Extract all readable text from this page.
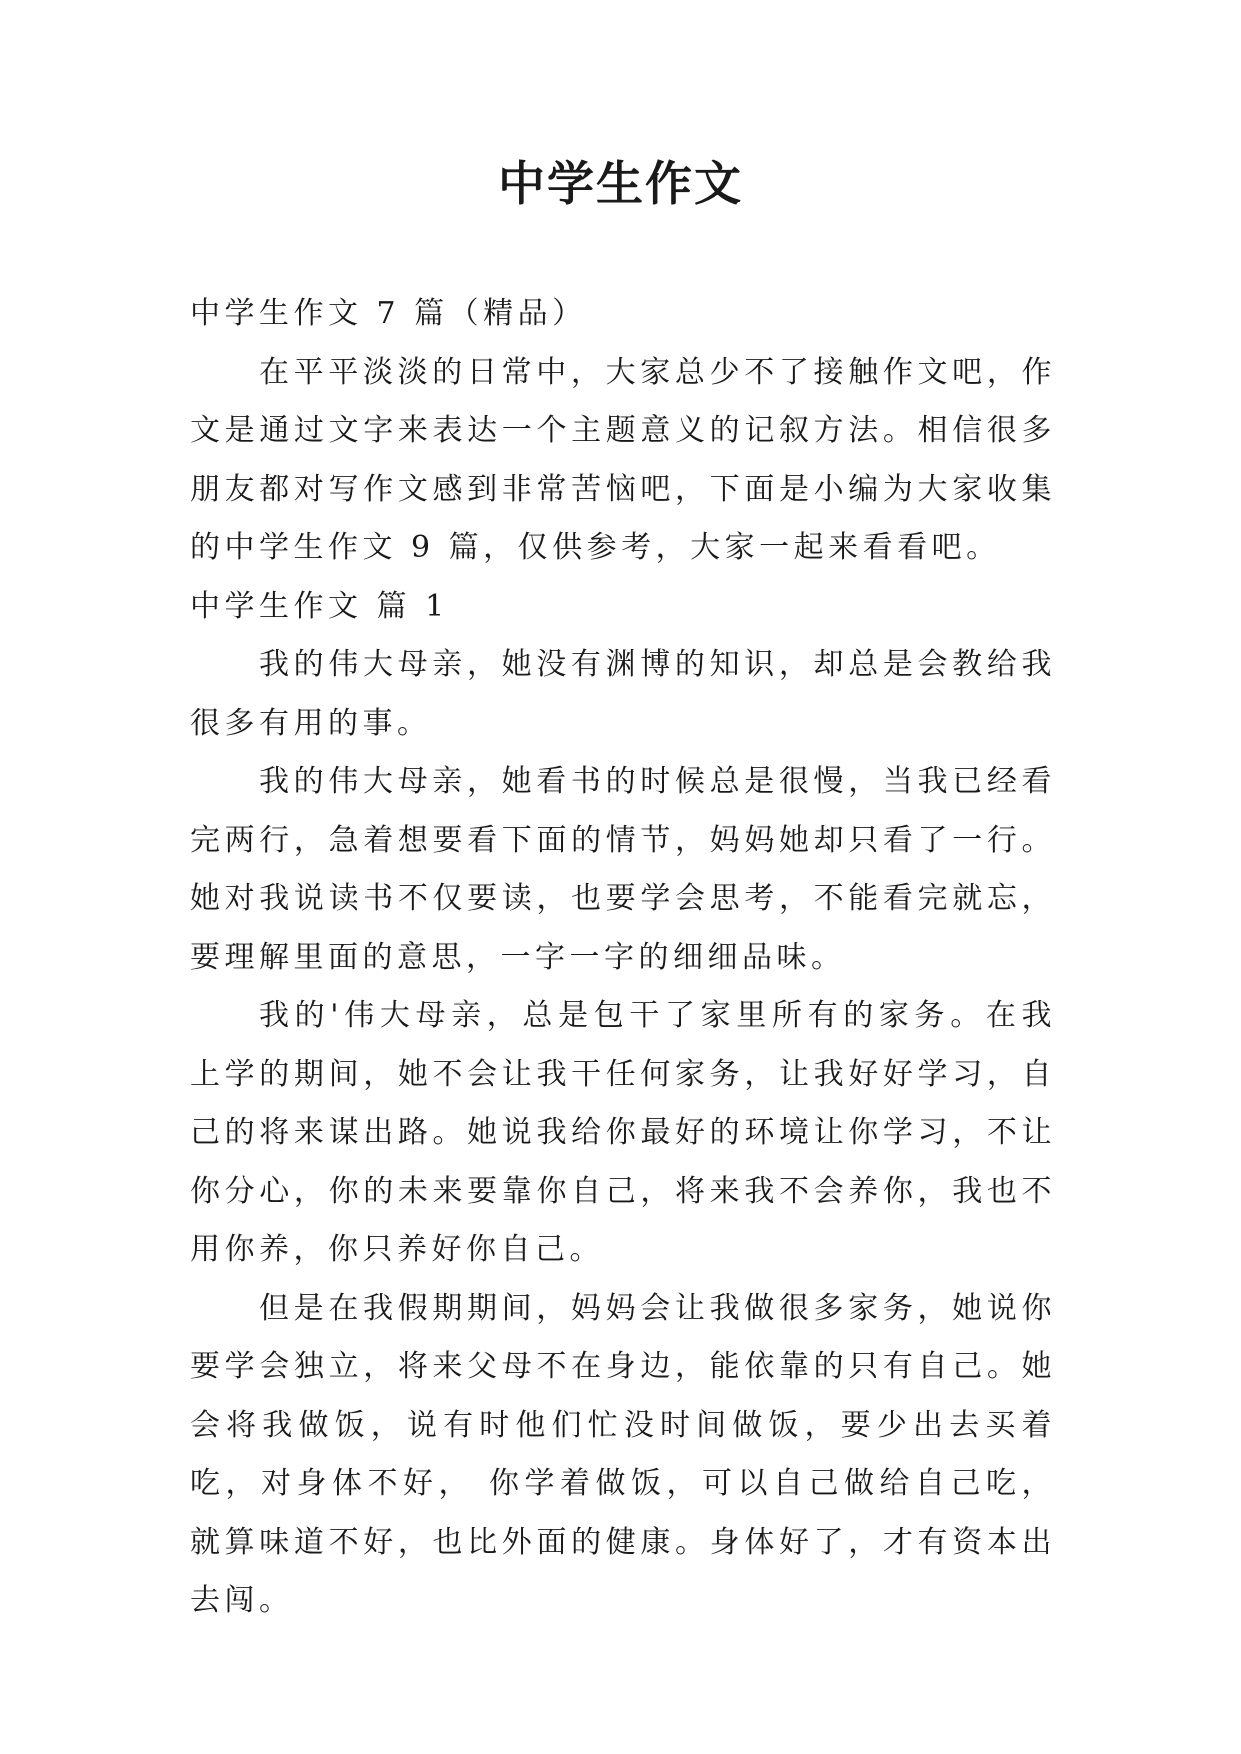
中学生作文

中学生作文 7 篇（精品）

在平平淡淡的日常中，大家总少不了接触作文吧，作文是通过文字来表达一个主题意义的记叙方法。相信很多朋友都对写作文感到非常苦恼吧，下面是小编为大家收集的中学生作文 9 篇，仅供参考，大家一起来看看吧。

中学生作文 篇 1

我的伟大母亲，她没有渊博的知识，却总是会教给我很多有用的事。

我的伟大母亲，她看书的时候总是很慢，当我已经看完两行，急着想要看下面的情节，妈妈她却只看了一行。她对我说读书不仅要读，也要学会思考，不能看完就忘，要理解里面的意思，一字一字的细细品味。

我的'伟大母亲，总是包干了家里所有的家务。在我上学的期间，她不会让我干任何家务，让我好好学习，自己的将来谋出路。她说我给你最好的环境让你学习，不让你分心，你的未来要靠你自己，将来我不会养你，我也不用你养，你只养好你自己。

但是在我假期期间，妈妈会让我做很多家务，她说你要学会独立，将来父母不在身边，能依靠的只有自己。她会将我做饭，说有时他们忙没时间做饭，要少出去买着吃，对身体不好， 你学着做饭，可以自己做给自己吃，就算味道不好，也比外面的健康。身体好了，才有资本出去闯。
